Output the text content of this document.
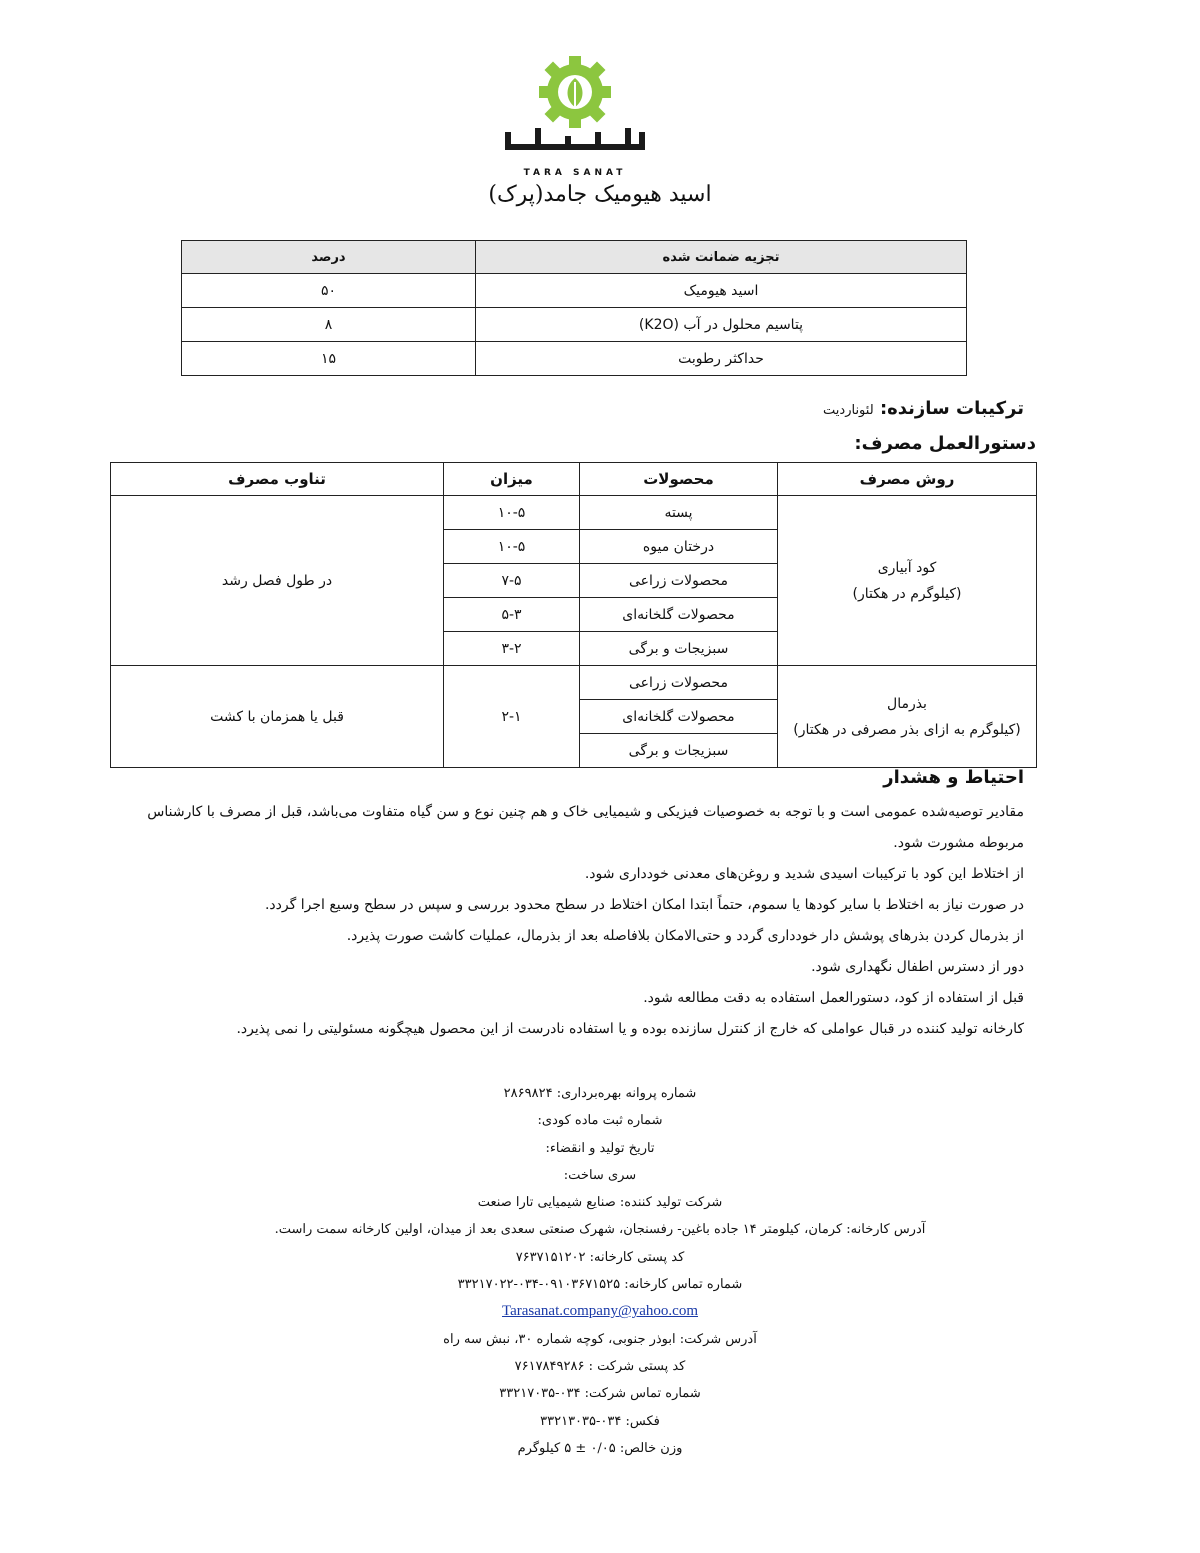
TARA SANAT
اسید هیومیک جامد(پرک)
تجزیه ضمانت شده	درصد
اسید هیومیک	۵۰
پتاسیم محلول در آب (K2O)	۸
حداکثر رطوبت	۱۵
ترکیبات سازنده: لئوناردیت
دستورالعمل مصرف:
روش مصرف	محصولات	میزان	تناوب مصرف

کود آبیاری
(کیلوگرم در هکتار)	پسته	۱۰-۵	در طول فصل رشد
	درختان میوه	۱۰-۵	
	محصولات زراعی	۷-۵	
	محصولات گلخانه‌ای	۵-۳	
	سبزیجات و برگی	۳-۲	

بذرمال
(کیلوگرم به ازای بذر مصرفی در هکتار)	محصولات زراعی	۲-۱	قبل یا همزمان با کشت
	محصولات گلخانه‌ای		
	سبزیجات و برگی		
احتیاط و هشدار

مقادیر توصیه‌شده عمومی است و با توجه به خصوصیات فیزیکی و شیمیایی خاک و هم چنین نوع و سن گیاه متفاوت می‌باشد، قبل از مصرف با کارشناس

مربوطه مشورت شود.

از اختلاط این کود با ترکیبات اسیدی شدید و روغن‌های معدنی خودداری شود.

در صورت نیاز به اختلاط با سایر کودها یا سموم، حتماً ابتدا امکان اختلاط در سطح محدود بررسی و سپس در سطح وسیع اجرا گردد.

از بذرمال کردن بذرهای پوشش دار خودداری گردد و حتی‌الامکان بلافاصله بعد از بذرمال، عملیات کاشت صورت پذیرد.

دور از دسترس اطفال نگهداری شود.

قبل از استفاده از کود، دستورالعمل استفاده به دقت مطالعه شود.

کارخانه تولید کننده در قبال عواملی که خارج از کنترل سازنده بوده و یا استفاده نادرست از این محصول هیچگونه مسئولیتی را نمی پذیرد.

شماره پروانه بهره‌برداری: ۲۸۶۹۸۲۴
شماره ثبت ماده کودی:
تاریخ تولید و انقضاء:
سری ساخت:
شرکت تولید کننده: صنایع شیمیایی تارا صنعت
آدرس کارخانه: کرمان، کیلومتر ۱۴ جاده باغین- رفسنجان، شهرک صنعتی سعدی بعد از میدان، اولین کارخانه سمت راست.
کد پستی کارخانه: ۷۶۳۷۱۵۱۲۰۲
شماره تماس کارخانه: ۰۹۱۰۳۶۷۱۵۲۵-۰۳۴-۳۳۲۱۷۰۲۲
Tarasanat.company@yahoo.com
آدرس شرکت: ابوذر جنوبی، کوچه شماره ۳۰، نبش سه راه
کد پستی شرکت : ۷۶۱۷۸۴۹۲۸۶
شماره تماس شرکت: ۰۳۴-۳۳۲۱۷۰۳۵
فکس: ۰۳۴-۳۳۲۱۳۰۳۵
وزن خالص: ۰/۰۵ ± ۵ کیلوگرم
